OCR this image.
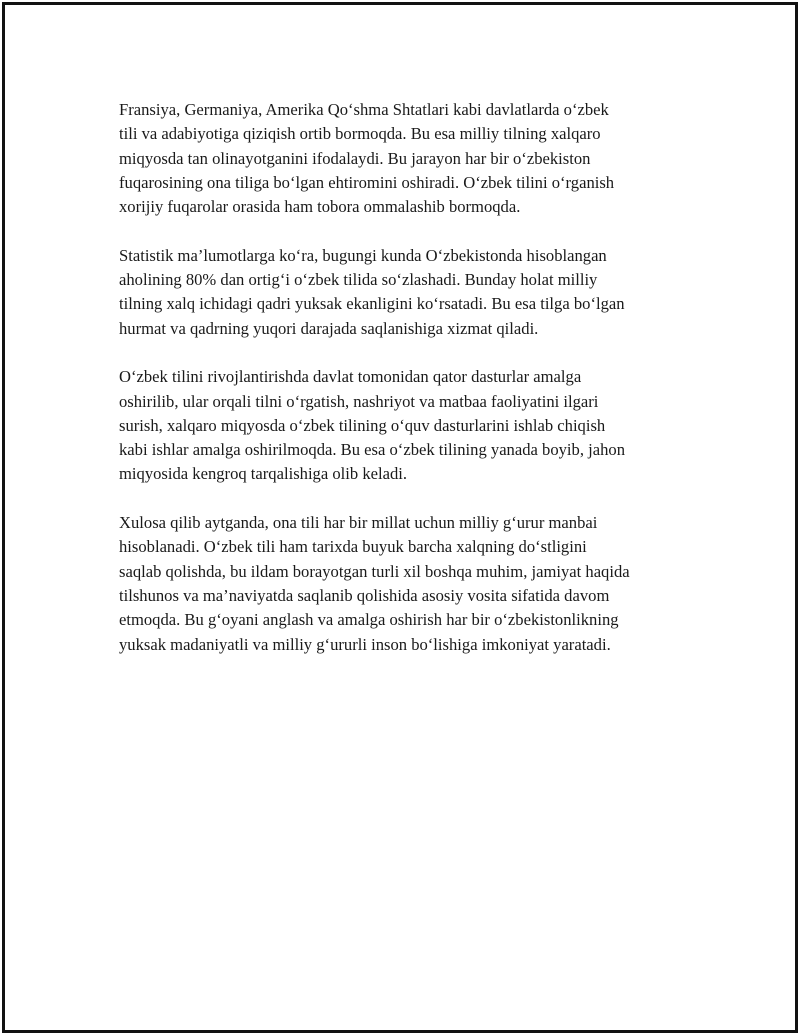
Fransiya, Germaniya, Amerika Qo‘shma Shtatlari kabi davlatlarda o‘zbek
tili va adabiyotiga qiziqish ortib bormoqda. Bu esa milliy tilning xalqaro
miqyosda tan olinayotganini ifodalaydi. Bu jarayon har bir o‘zbekiston
fuqarosining ona tiliga bo‘lgan ehtiromini oshiradi. O‘zbek tilini o‘rganish
xorijiy fuqarolar orasida ham tobora ommalashib bormoqda.

Statistik ma’lumotlarga ko‘ra, bugungi kunda O‘zbekistonda hisoblangan
aholining 80% dan ortig‘i o‘zbek tilida so‘zlashadi. Bunday holat milliy
tilning xalq ichidagi qadri yuksak ekanligini ko‘rsatadi. Bu esa tilga bo‘lgan
hurmat va qadrning yuqori darajada saqlanishiga xizmat qiladi.

O‘zbek tilini rivojlantirishda davlat tomonidan qator dasturlar amalga
oshirilib, ular orqali tilni o‘rgatish, nashriyot va matbaa faoliyatini ilgari
surish, xalqaro miqyosda o‘zbek tilining o‘quv dasturlarini ishlab chiqish
kabi ishlar amalga oshirilmoqda. Bu esa o‘zbek tilining yanada boyib, jahon
miqyosida kengroq tarqalishiga olib keladi.

Xulosa qilib aytganda, ona tili har bir millat uchun milliy g‘urur manbai
hisoblanadi. O‘zbek tili ham tarixda buyuk barcha xalqning do‘stligini
saqlab qolishda, bu ildam borayotgan turli xil boshqa muhim, jamiyat haqida
tilshunos va ma’naviyatda saqlanib qolishida asosiy vosita sifatida davom
etmoqda. Bu g‘oyani anglash va amalga oshirish har bir o‘zbekistonlikning
yuksak madaniyatli va milliy g‘ururli inson bo‘lishiga imkoniyat yaratadi.
